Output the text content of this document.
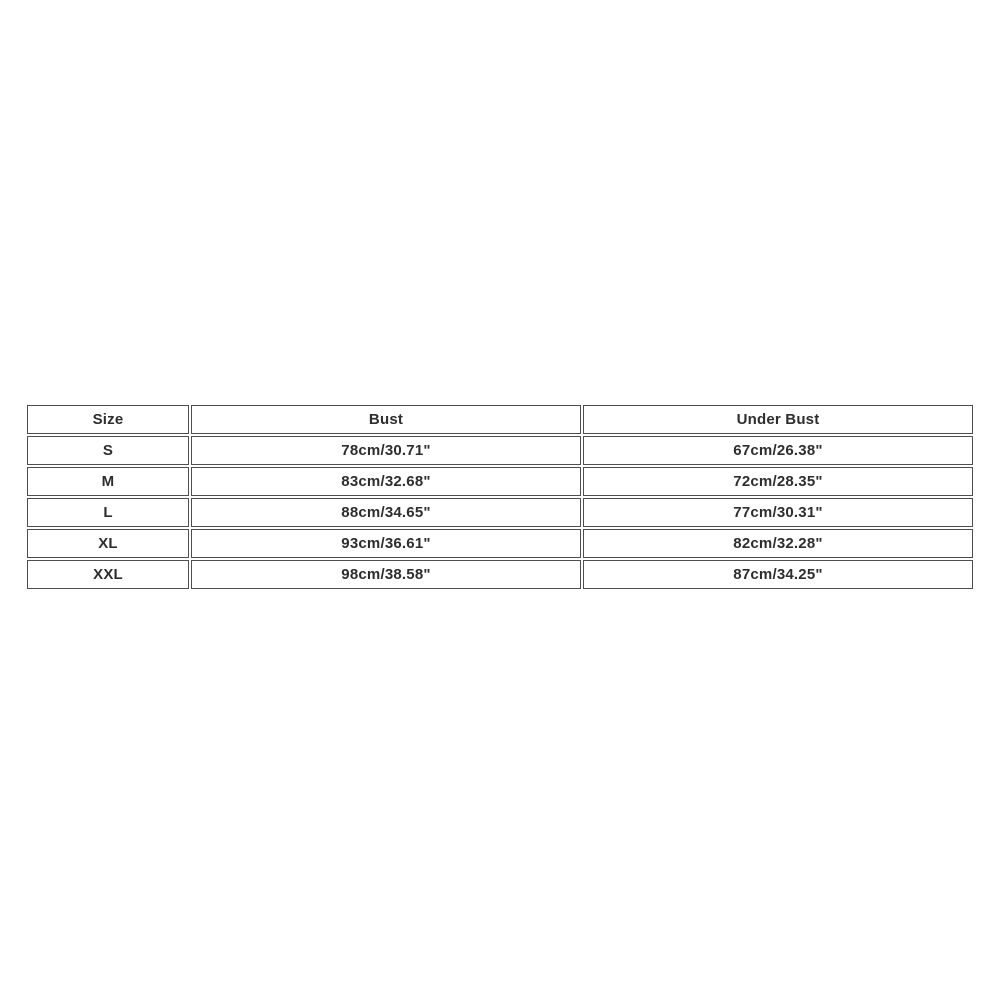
Size	Bust	Under Bust
S	78cm/30.71"	67cm/26.38"
M	83cm/32.68"	72cm/28.35"
L	88cm/34.65"	77cm/30.31"
XL	93cm/36.61"	82cm/32.28"
XXL	98cm/38.58"	87cm/34.25"
